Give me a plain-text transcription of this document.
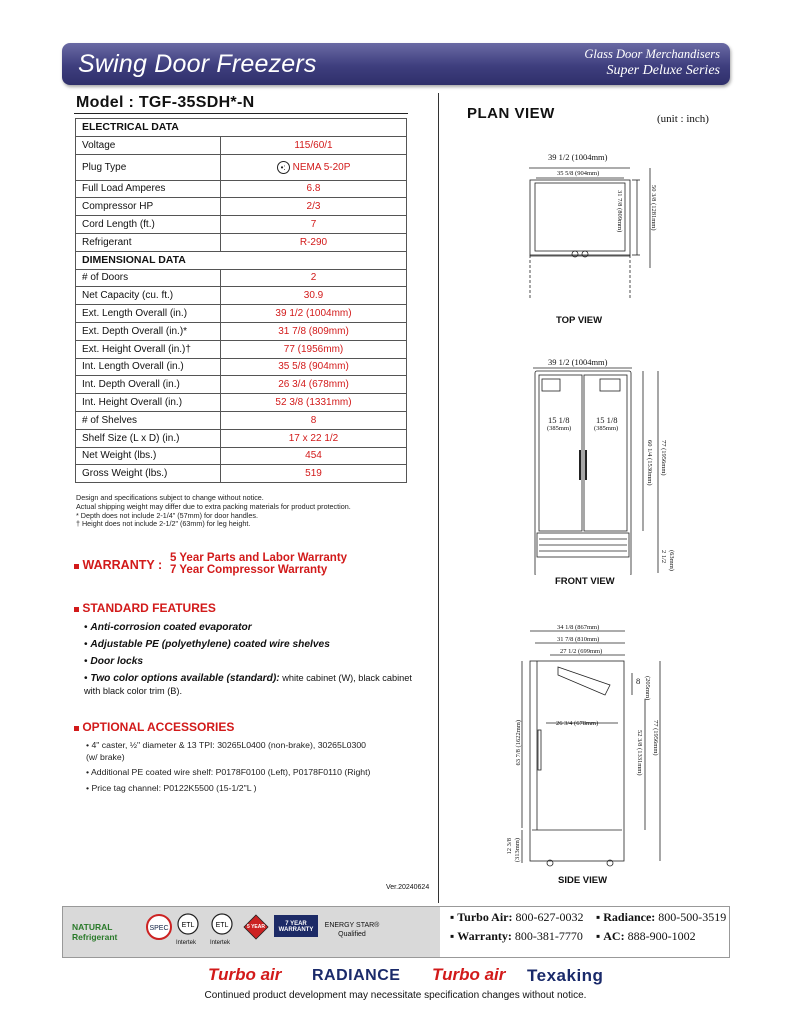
Swing Door Freezers	Glass Door Merchandisers
Super Deluxe Series
Model : TGF-35SDH*-N
ELECTRICAL DATA	
Voltage	115/60/1
Plug Type	•: NEMA 5-20P
Full Load Amperes	6.8
Compressor HP	2/3
Cord Length (ft.)	7
Refrigerant	R-290
DIMENSIONAL DATA	
# of Doors	2
Net Capacity (cu. ft.)	30.9
Ext. Length Overall (in.)	39 1/2 (1004mm)
Ext. Depth Overall (in.)*	31 7/8 (809mm)
Ext. Height Overall (in.)†	77 (1956mm)
Int. Length Overall (in.)	35 5/8 (904mm)
Int. Depth Overall (in.)	26 3/4 (678mm)
Int. Height Overall (in.)	52 3/8 (1331mm)
# of Shelves	8
Shelf Size (L x D) (in.)	17 x 22 1/2
Net Weight (lbs.)	454
Gross Weight (lbs.)	519
Design and specifications subject to change without notice.
Actual shipping weight may differ due to extra packing materials for product protection.
* Depth does not include 2-1/4" (57mm) for door handles.
† Height does not include 2-1/2" (63mm) for leg height.
WARRANTY : 5 Year Parts and Labor Warranty
7 Year Compressor Warranty
STANDARD FEATURES
• Anti-corrosion coated evaporator
• Adjustable PE (polyethylene) coated wire shelves
• Door locks
• Two color options available (standard): white cabinet (W), black cabinet with black color trim (B).
OPTIONAL ACCESSORIES
• 4" caster, ½" diameter & 13 TPI: 30265L0400 (non-brake), 30265L0300 (w/ brake)
• Additional PE coated wire shelf: P0178F0100 (Left), P0178F0110 (Right)
• Price tag channel: P0122K5500 (15-1/2"L )
Ver.20240624
PLAN VIEW	(unit : inch)
39 1/2 (1004mm)
35 5/8 (904mm)
31 7/8 (809mm)	50 3/8 (1281mm)
TOP VIEW
39 1/2 (1004mm)
15 1/8
(385mm)
15 1/8
(385mm)
60 1/4 (1530mm) 77 (1956mm)
2 1/2 (63mm)
FRONT VIEW
34 1/8 (867mm)
31 7/8 (810mm)
27 1/2 (699mm)
8 (205mm)
26 3/4 (678mm)
63 7/8 (1622mm)	52 3/8 (1331mm) 77 (1956mm)
12 3/8 (313mm)
SIDE VIEW
NATURAL Refrigerant
SPEC ETL
Intertek
ETL
Intertek
5 YEAR	7 YEAR WARRANTY
ENERGY STAR® Qualified
▪ Turbo Air: 800-627-0032 ▪ Radiance: 800-500-3519
▪ Warranty: 800-381-7770 ▪ AC: 888-900-1002
Turbo air RADIANCE Turbo air Texaking
Continued product development may necessitate specification changes without notice.
